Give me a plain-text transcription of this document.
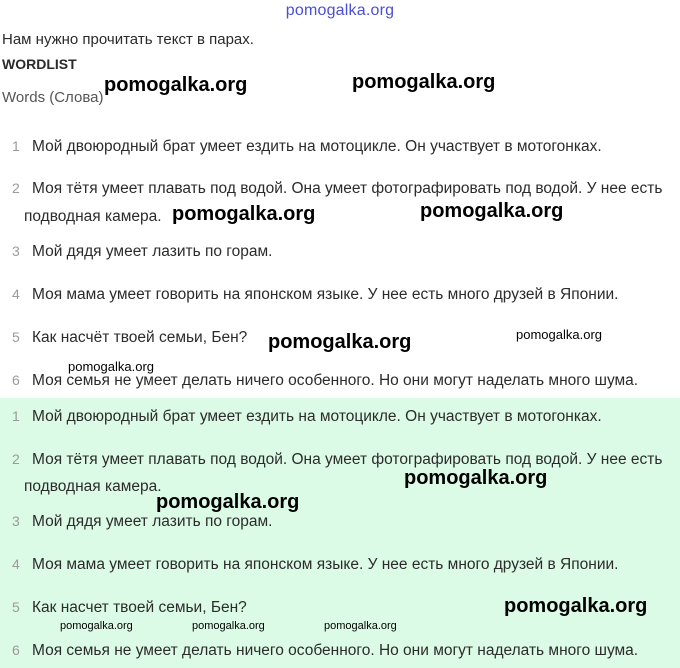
pomogalka.org
Нам нужно прочитать текст в парах.
WORDLIST
Words (Слова)
1 Мой двоюродный брат умеет ездить на мотоцикле. Он участвует в мотогонках.
2 Моя тётя умеет плавать под водой. Она умеет фотографировать под водой. У нее есть
подводная камера.
3 Мой дядя умеет лазить по горам.
4 Моя мама умеет говорить на японском языке. У нее есть много друзей в Японии.
5 Как насчёт твоей семьи, Бен?
6 Моя семья не умеет делать ничего особенного. Но они могут наделать много шума.
1 Мой двоюродный брат умеет ездить на мотоцикле. Он участвует в мотогонках.
2 Моя тётя умеет плавать под водой. Она умеет фотографировать под водой. У нее есть
подводная камера.
3 Мой дядя умеет лазить по горам.
4 Моя мама умеет говорить на японском языке. У нее есть много друзей в Японии.
5 Как насчет твоей семьи, Бен?
6 Моя семья не умеет делать ничего особенного. Но они могут наделать много шума.
pomogalka.org	pomogalka.org
pomogalka.org	pomogalka.org
pomogalka.org	pomogalka.org
pomogalka.org
pomogalka.org
pomogalka.org
pomogalka.org
pomogalka.org	pomogalka.org	pomogalka.org
